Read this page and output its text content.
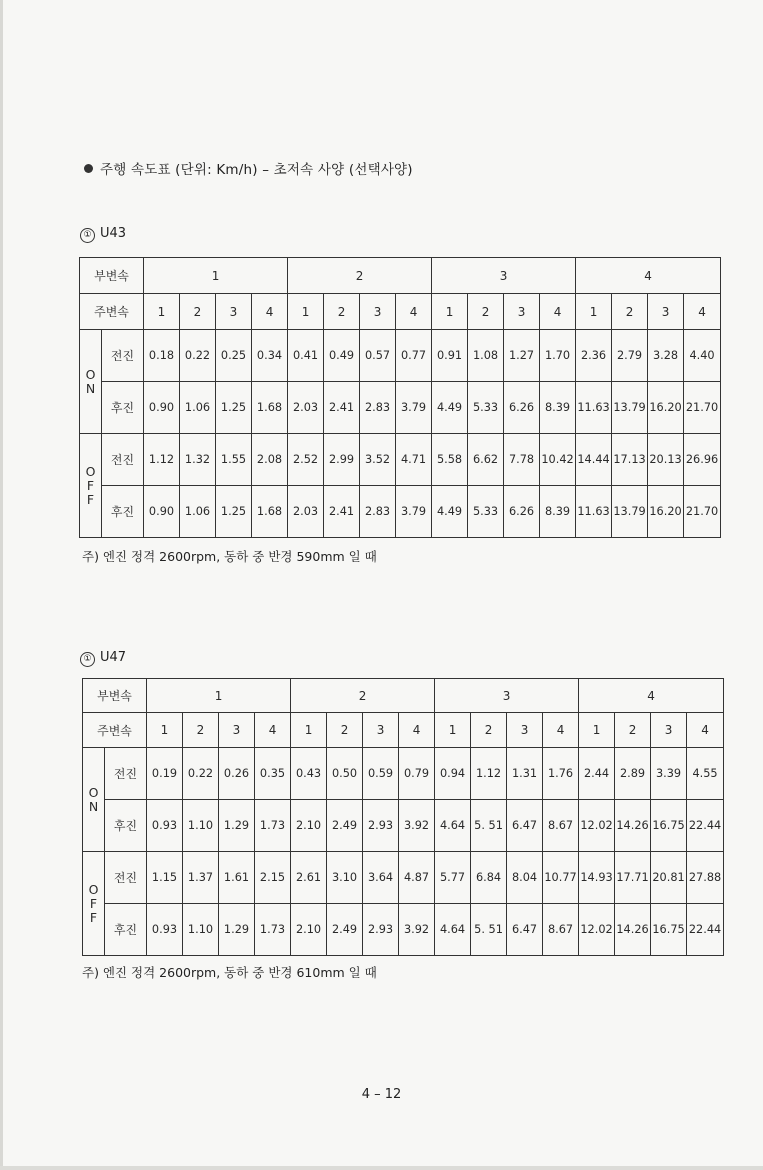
주행 속도표 (단위: Km/h) – 초저속 사양 (선택사양)
① U43
부변속		1				2				3				4			
주변속		1	2	3	4	1	2	3	4	1	2	3	4	1	2	3	4
O
N	전진	0.18	0.22	0.25	0.34	0.41	0.49	0.57	0.77	0.91	1.08	1.27	1.70	2.36	2.79	3.28	4.40
	후진	0.90	1.06	1.25	1.68	2.03	2.41	2.83	3.79	4.49	5.33	6.26	8.39	11.63	13.79	16.20	21.70
O
F
F	전진	1.12	1.32	1.55	2.08	2.52	2.99	3.52	4.71	5.58	6.62	7.78	10.42	14.44	17.13	20.13	26.96
	후진	0.90	1.06	1.25	1.68	2.03	2.41	2.83	3.79	4.49	5.33	6.26	8.39	11.63	13.79	16.20	21.70
주) 엔진 정격 2600rpm, 동하 중 반경 590mm 일 때
① U47
부변속		1				2				3				4			
주변속		1	2	3	4	1	2	3	4	1	2	3	4	1	2	3	4
O
N	전진	0.19	0.22	0.26	0.35	0.43	0.50	0.59	0.79	0.94	1.12	1.31	1.76	2.44	2.89	3.39	4.55
	후진	0.93	1.10	1.29	1.73	2.10	2.49	2.93	3.92	4.64	5. 51	6.47	8.67	12.02	14.26	16.75	22.44
O
F
F	전진	1.15	1.37	1.61	2.15	2.61	3.10	3.64	4.87	5.77	6.84	8.04	10.77	14.93	17.71	20.81	27.88
	후진	0.93	1.10	1.29	1.73	2.10	2.49	2.93	3.92	4.64	5. 51	6.47	8.67	12.02	14.26	16.75	22.44
주) 엔진 정격 2600rpm, 동하 중 반경 610mm 일 때
4 – 12
